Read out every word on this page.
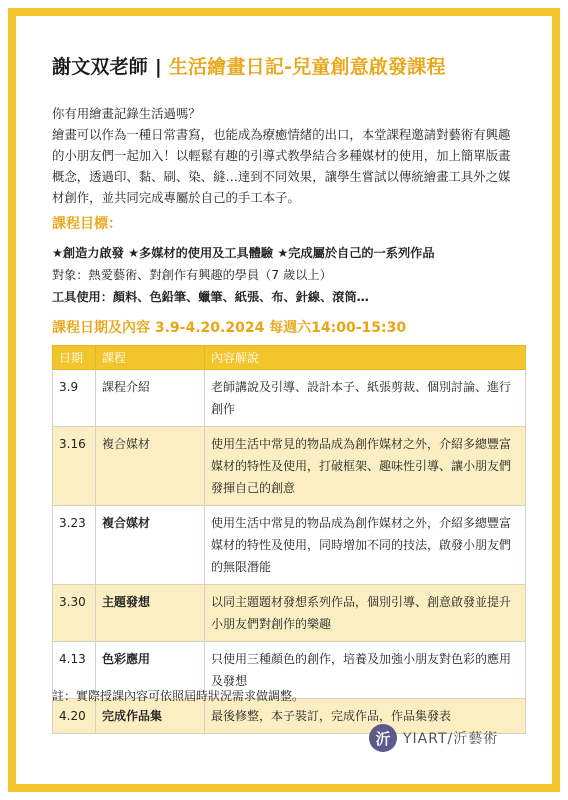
謝文双老師 | 生活繪畫日記-兒童創意啟發課程

你有用繪畫記錄生活過嗎？

繪畫可以作為一種日常書寫，也能成為療癒情緒的出口，本堂課程邀請對藝術有興趣的小朋友們一起加入！以輕鬆有趣的引導式教學結合多種媒材的使用，加上簡單版畫概念，透過印、黏、刷、染、縫…達到不同效果，讓學生嘗試以傳統繪畫工具外之媒材創作，並共同完成專屬於自己的手工本子。

課程目標：
★創造力啟發 ★多媒材的使用及工具體驗 ★完成屬於自己的一系列作品
對象：熱愛藝術、對創作有興趣的學員（7 歲以上）
工具使用：顏料、色鉛筆、蠟筆、紙張、布、針線、滾筒…
課程日期及內容 3.9-4.20.2024 每週六14:00-15:30
日期	課程	內容解說
3.9	課程介紹	老師講說及引導、設計本子、紙張剪裁、個別討論、進行創作
3.16	複合媒材	使用生活中常見的物品成為創作媒材之外，介紹多總豐富媒材的特性及使用，打破框架、趣味性引導、讓小朋友們發揮自己的創意
3.23	複合媒材	使用生活中常見的物品成為創作媒材之外，介紹多總豐富媒材的特性及使用，同時增加不同的技法，啟發小朋友們的無限潛能
3.30	主題發想	以同主題題材發想系列作品，個別引導、創意啟發並提升小朋友們對創作的樂趣
4.13	色彩應用	只使用三種顏色的創作，培養及加強小朋友對色彩的應用及發想
4.20	完成作品集	最後修整，本子裝訂，完成作品，作品集發表
註：實際授課內容可依照屆時狀況需求做調整。
沂 YIART/沂藝術
